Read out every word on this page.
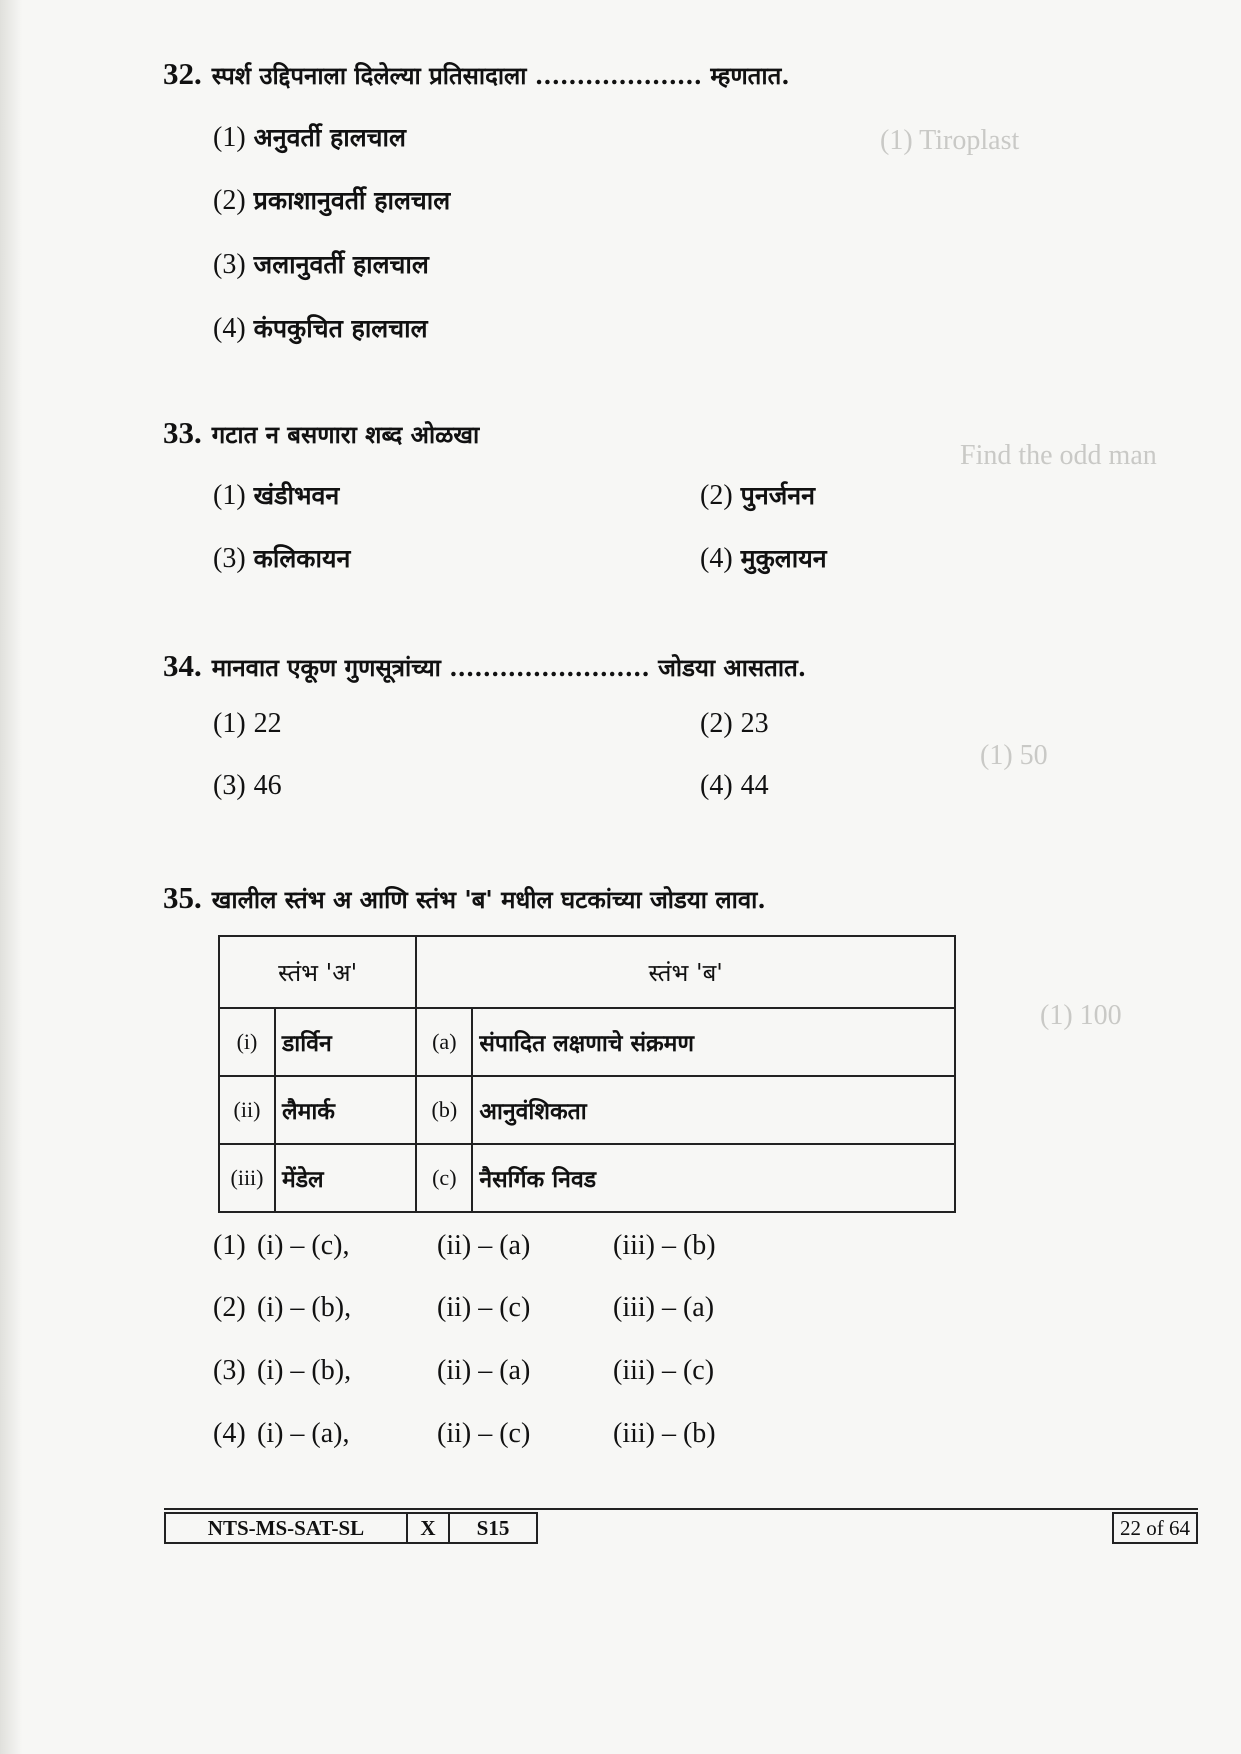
(1) Tiroplast
Find the odd man
(1) 50
(1) 100
32. स्पर्श उद्दिपनाला दिलेल्या प्रतिसादाला .................... म्हणतात.
(1) अनुवर्ती हालचाल
(2) प्रकाशानुवर्ती हालचाल
(3) जलानुवर्ती हालचाल
(4) कंपकुचित हालचाल
33. गटात न बसणारा शब्द ओळखा
(1) खंडीभवन	(2) पुनर्जनन
(3) कलिकायन	(4) मुकुलायन
34. मानवात एकूण गुणसूत्रांच्या ........................ जोडया आसतात.
(1) 22	(2) 23
(3) 46	(4) 44
35. खालील स्तंभ अ आणि स्तंभ 'ब' मधील घटकांच्या जोडया लावा.
स्तंभ 'अ'		स्तंभ 'ब'	
(i)	डार्विन	(a)	संपादित लक्षणाचे संक्रमण
(ii)	लैमार्क	(b)	आनुवंशिकता
(iii)	मेंडेल	(c)	नैसर्गिक निवड
(1) (i) – (c),	(ii) – (a)	(iii) – (b)
(2) (i) – (b),	(ii) – (c)	(iii) – (a)
(3) (i) – (b),	(ii) – (a)	(iii) – (c)
(4) (i) – (a),	(ii) – (c)	(iii) – (b)
NTS-MS-SAT-SL	X	S15	22 of 64
